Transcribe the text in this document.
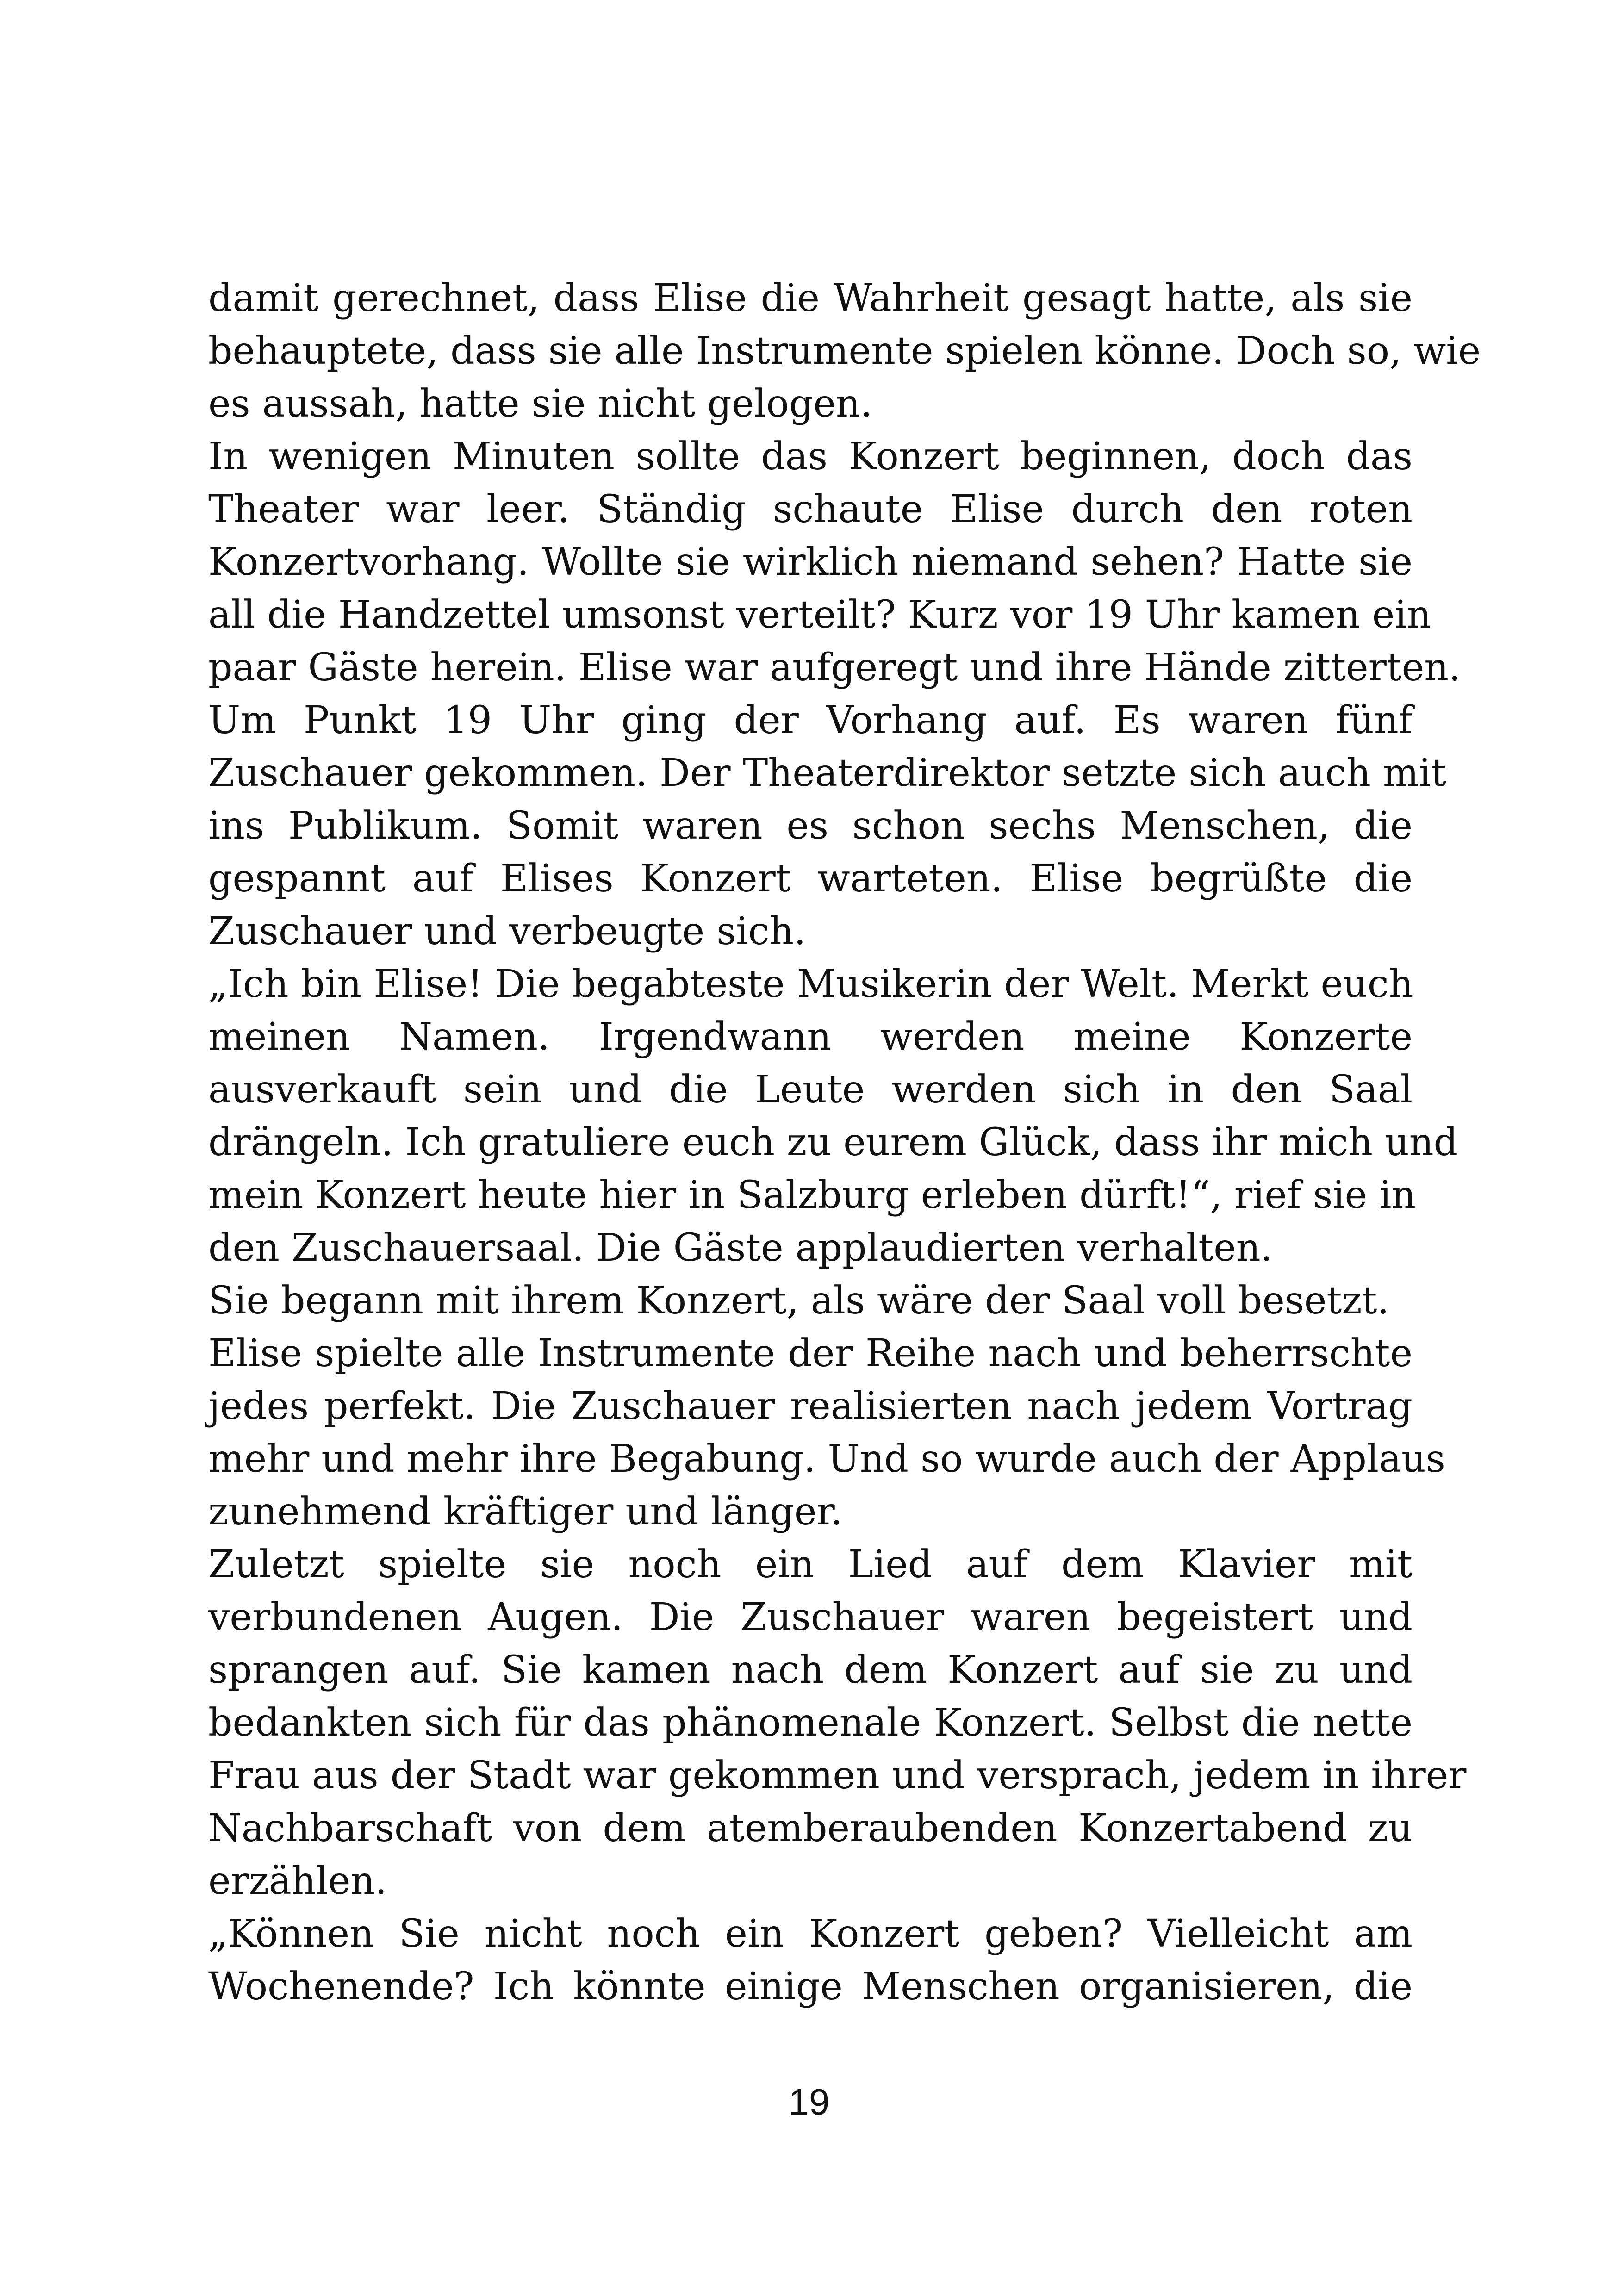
damit gerechnet, dass Elise die Wahrheit gesagt hatte, als sie
behauptete, dass sie alle Instrumente spielen könne. Doch so, wie
es aussah, hatte sie nicht gelogen.
In wenigen Minuten sollte das Konzert beginnen, doch das
Theater war leer. Ständig schaute Elise durch den roten
Konzertvorhang. Wollte sie wirklich niemand sehen? Hatte sie
all die Handzettel umsonst verteilt? Kurz vor 19 Uhr kamen ein
paar Gäste herein. Elise war aufgeregt und ihre Hände zitterten.
Um Punkt 19 Uhr ging der Vorhang auf. Es waren fünf
Zuschauer gekommen. Der Theaterdirektor setzte sich auch mit
ins Publikum. Somit waren es schon sechs Menschen, die
gespannt auf Elises Konzert warteten. Elise begrüßte die
Zuschauer und verbeugte sich.
„Ich bin Elise! Die begabteste Musikerin der Welt. Merkt euch
meinen Namen. Irgendwann werden meine Konzerte
ausverkauft sein und die Leute werden sich in den Saal
drängeln. Ich gratuliere euch zu eurem Glück, dass ihr mich und
mein Konzert heute hier in Salzburg erleben dürft!“, rief sie in
den Zuschauersaal. Die Gäste applaudierten verhalten.
Sie begann mit ihrem Konzert, als wäre der Saal voll besetzt.
Elise spielte alle Instrumente der Reihe nach und beherrschte
jedes perfekt. Die Zuschauer realisierten nach jedem Vortrag
mehr und mehr ihre Begabung. Und so wurde auch der Applaus
zunehmend kräftiger und länger.
Zuletzt spielte sie noch ein Lied auf dem Klavier mit
verbundenen Augen. Die Zuschauer waren begeistert und
sprangen auf. Sie kamen nach dem Konzert auf sie zu und
bedankten sich für das phänomenale Konzert. Selbst die nette
Frau aus der Stadt war gekommen und versprach, jedem in ihrer
Nachbarschaft von dem atemberaubenden Konzertabend zu
erzählen.
„Können Sie nicht noch ein Konzert geben? Vielleicht am
Wochenende? Ich könnte einige Menschen organisieren, die
19
